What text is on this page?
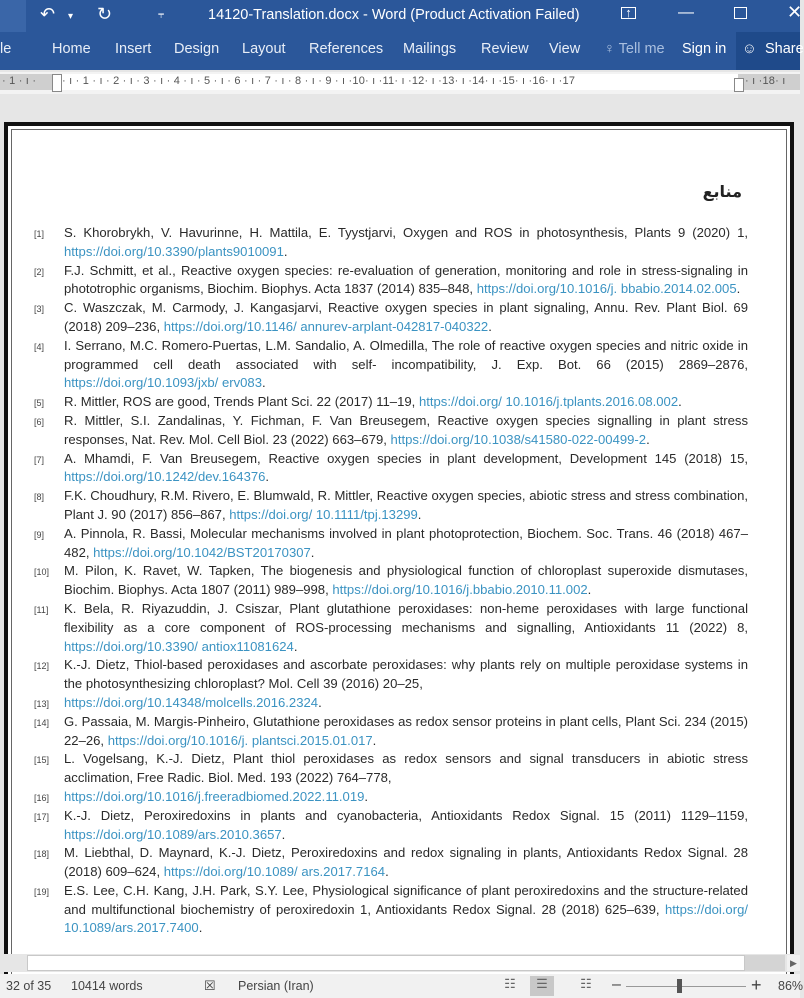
↶ ▾ ↻	⫧	14120-Translation.docx - Word (Product Activation Failed)	↑	—	✕
le	Home Insert Design Layout References Mailings Review View ♀ Tell me Sign in ☺ Share
· 1 · ı · · ı · 1 · ı · 2 · ı · 3 · ı · 4 · ı · 5 · ı · 6 · ı · 7 · ı · 8 · ı · 9 · ı ·10· ı ·11· ı ·12· ı ·13· ı ·14· ı ·15· ı ·16· ı ·17	· ı ·18· ı
منابع
[1] S. Khorobrykh, V. Havurinne, H. Mattila, E. Tyystjarvi, Oxygen and ROS in photosynthesis, Plants 9 (2020) 1, https://doi.org/10.3390/plants9010091.
[2] F.J. Schmitt, et al., Reactive oxygen species: re-evaluation of generation, monitoring and role in stress-signaling in phototrophic organisms, Biochim. Biophys. Acta 1837 (2014) 835–848, https://doi.org/10.1016/j. bbabio.2014.02.005.
[3] C. Waszczak, M. Carmody, J. Kangasjarvi, Reactive oxygen species in plant signaling, Annu. Rev. Plant Biol. 69 (2018) 209–236, https://doi.org/10.1146/ annurev-arplant-042817-040322.
[4] I. Serrano, M.C. Romero-Puertas, L.M. Sandalio, A. Olmedilla, The role of reactive oxygen species and nitric oxide in programmed cell death associated with self- incompatibility, J. Exp. Bot. 66 (2015) 2869–2876, https://doi.org/10.1093/jxb/ erv083.
[5] R. Mittler, ROS are good, Trends Plant Sci. 22 (2017) 11–19, https://doi.org/ 10.1016/j.tplants.2016.08.002.
[6] R. Mittler, S.I. Zandalinas, Y. Fichman, F. Van Breusegem, Reactive oxygen species signalling in plant stress responses, Nat. Rev. Mol. Cell Biol. 23 (2022) 663–679, https://doi.org/10.1038/s41580-022-00499-2.
[7] A. Mhamdi, F. Van Breusegem, Reactive oxygen species in plant development, Development 145 (2018) 15, https://doi.org/10.1242/dev.164376.
[8] F.K. Choudhury, R.M. Rivero, E. Blumwald, R. Mittler, Reactive oxygen species, abiotic stress and stress combination, Plant J. 90 (2017) 856–867, https://doi.org/ 10.1111/tpj.13299.
[9] A. Pinnola, R. Bassi, Molecular mechanisms involved in plant photoprotection, Biochem. Soc. Trans. 46 (2018) 467–482, https://doi.org/10.1042/BST20170307.
[10] M. Pilon, K. Ravet, W. Tapken, The biogenesis and physiological function of chloroplast superoxide dismutases, Biochim. Biophys. Acta 1807 (2011) 989–998, https://doi.org/10.1016/j.bbabio.2010.11.002.
[11] K. Bela, R. Riyazuddin, J. Csiszar, Plant glutathione peroxidases: non-heme peroxidases with large functional flexibility as a core component of ROS-processing mechanisms and signalling, Antioxidants 11 (2022) 8, https://doi.org/10.3390/ antiox11081624.
[12] K.-J. Dietz, Thiol-based peroxidases and ascorbate peroxidases: why plants rely on multiple peroxidase systems in the photosynthesizing chloroplast? Mol. Cell 39 (2016) 20–25,
[13] https://doi.org/10.14348/molcells.2016.2324.
[14] G. Passaia, M. Margis-Pinheiro, Glutathione peroxidases as redox sensor proteins in plant cells, Plant Sci. 234 (2015) 22–26, https://doi.org/10.1016/j. plantsci.2015.01.017.
[15] L. Vogelsang, K.-J. Dietz, Plant thiol peroxidases as redox sensors and signal transducers in abiotic stress acclimation, Free Radic. Biol. Med. 193 (2022) 764–778,
[16] https://doi.org/10.1016/j.freeradbiomed.2022.11.019.
[17] K.-J. Dietz, Peroxiredoxins in plants and cyanobacteria, Antioxidants Redox Signal. 15 (2011) 1129–1159, https://doi.org/10.1089/ars.2010.3657.
[18] M. Liebthal, D. Maynard, K.-J. Dietz, Peroxiredoxins and redox signaling in plants, Antioxidants Redox Signal. 28 (2018) 609–624, https://doi.org/10.1089/ ars.2017.7164.
[19] E.S. Lee, C.H. Kang, J.H. Park, S.Y. Lee, Physiological significance of plant peroxiredoxins and the structure-related and multifunctional biochemistry of peroxiredoxin 1, Antioxidants Redox Signal. 28 (2018) 625–639, https://doi.org/ 10.1089/ars.2017.7400.
▶
32 of 35 10414 words	☒ Persian (Iran)	☷	☰	☷	–	+ 86%
